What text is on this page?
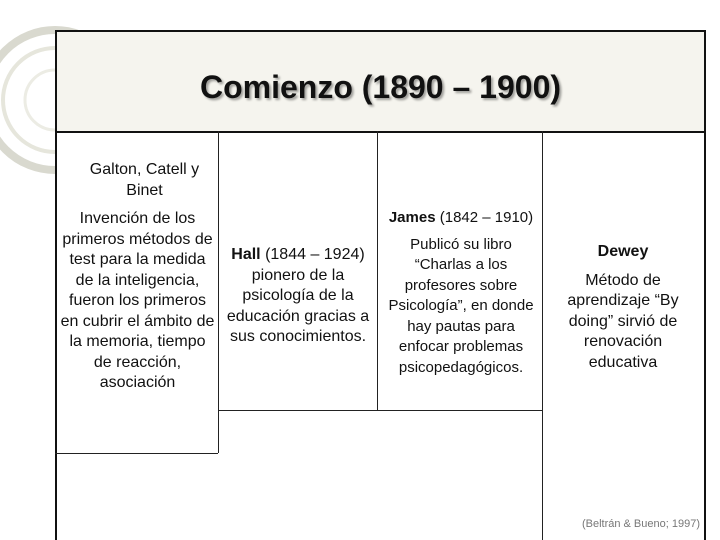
Comienzo (1890 – 1900)
Galton, Catell y Binet
Invención de los primeros métodos de test para la medida de la inteligencia, fueron los primeros en cubrir el ámbito de la memoria, tiempo de reacción, asociación
Hall (1844 – 1924) pionero de la psicología de la educación gracias a sus conocimientos.
James (1842 – 1910)
Publicó su libro “Charlas a los profesores sobre Psicología”, en donde hay pautas para enfocar problemas psicopedagógicos.
Dewey
Método de aprendizaje “By doing” sirvió de renovación educativa
(Beltrán & Bueno; 1997)
